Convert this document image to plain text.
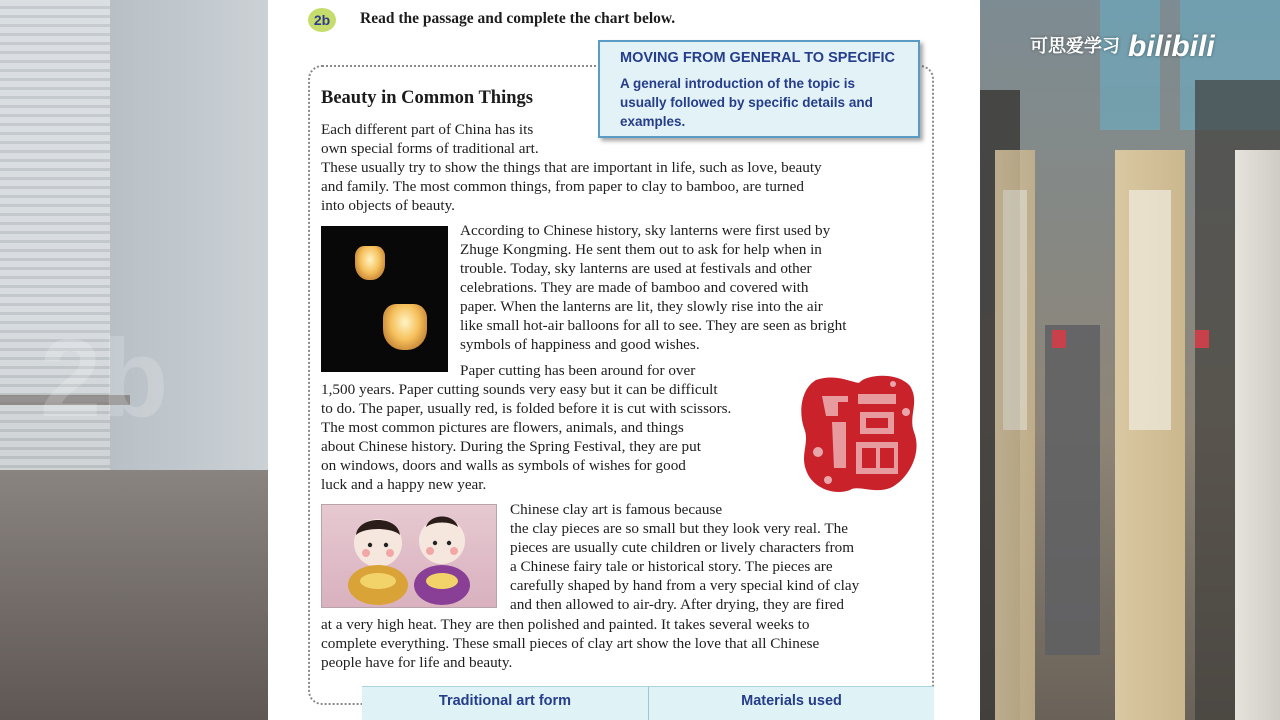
2b
可思爱学习 bilibili
2b	Read the passage and complete the chart below.
MOVING FROM GENERAL TO SPECIFIC
A general introduction of the topic is usually followed by specific details and examples.
Beauty in Common Things
Each different part of China has its
own special forms of traditional art.
These usually try to show the things that are important in life, such as love, beauty
and family. The most common things, from paper to clay to bamboo, are turned
into objects of beauty.
According to Chinese history, sky lanterns were first used by
Zhuge Kongming. He sent them out to ask for help when in
trouble. Today, sky lanterns are used at festivals and other
celebrations. They are made of bamboo and covered with
paper. When the lanterns are lit, they slowly rise into the air
like small hot-air balloons for all to see. They are seen as bright
symbols of happiness and good wishes.
Paper cutting has been around for over
1,500 years. Paper cutting sounds very easy but it can be difficult
to do. The paper, usually red, is folded before it is cut with scissors.
The most common pictures are flowers, animals, and things
about Chinese history. During the Spring Festival, they are put
on windows, doors and walls as symbols of wishes for good
luck and a happy new year.
Chinese clay art is famous because
the clay pieces are so small but they look very real. The
pieces are usually cute children or lively characters from
a Chinese fairy tale or historical story. The pieces are
carefully shaped by hand from a very special kind of clay
and then allowed to air-dry. After drying, they are fired
at a very high heat. They are then polished and painted. It takes several weeks to
complete everything. These small pieces of clay art show the love that all Chinese
people have for life and beauty.
Traditional art form	Materials used
